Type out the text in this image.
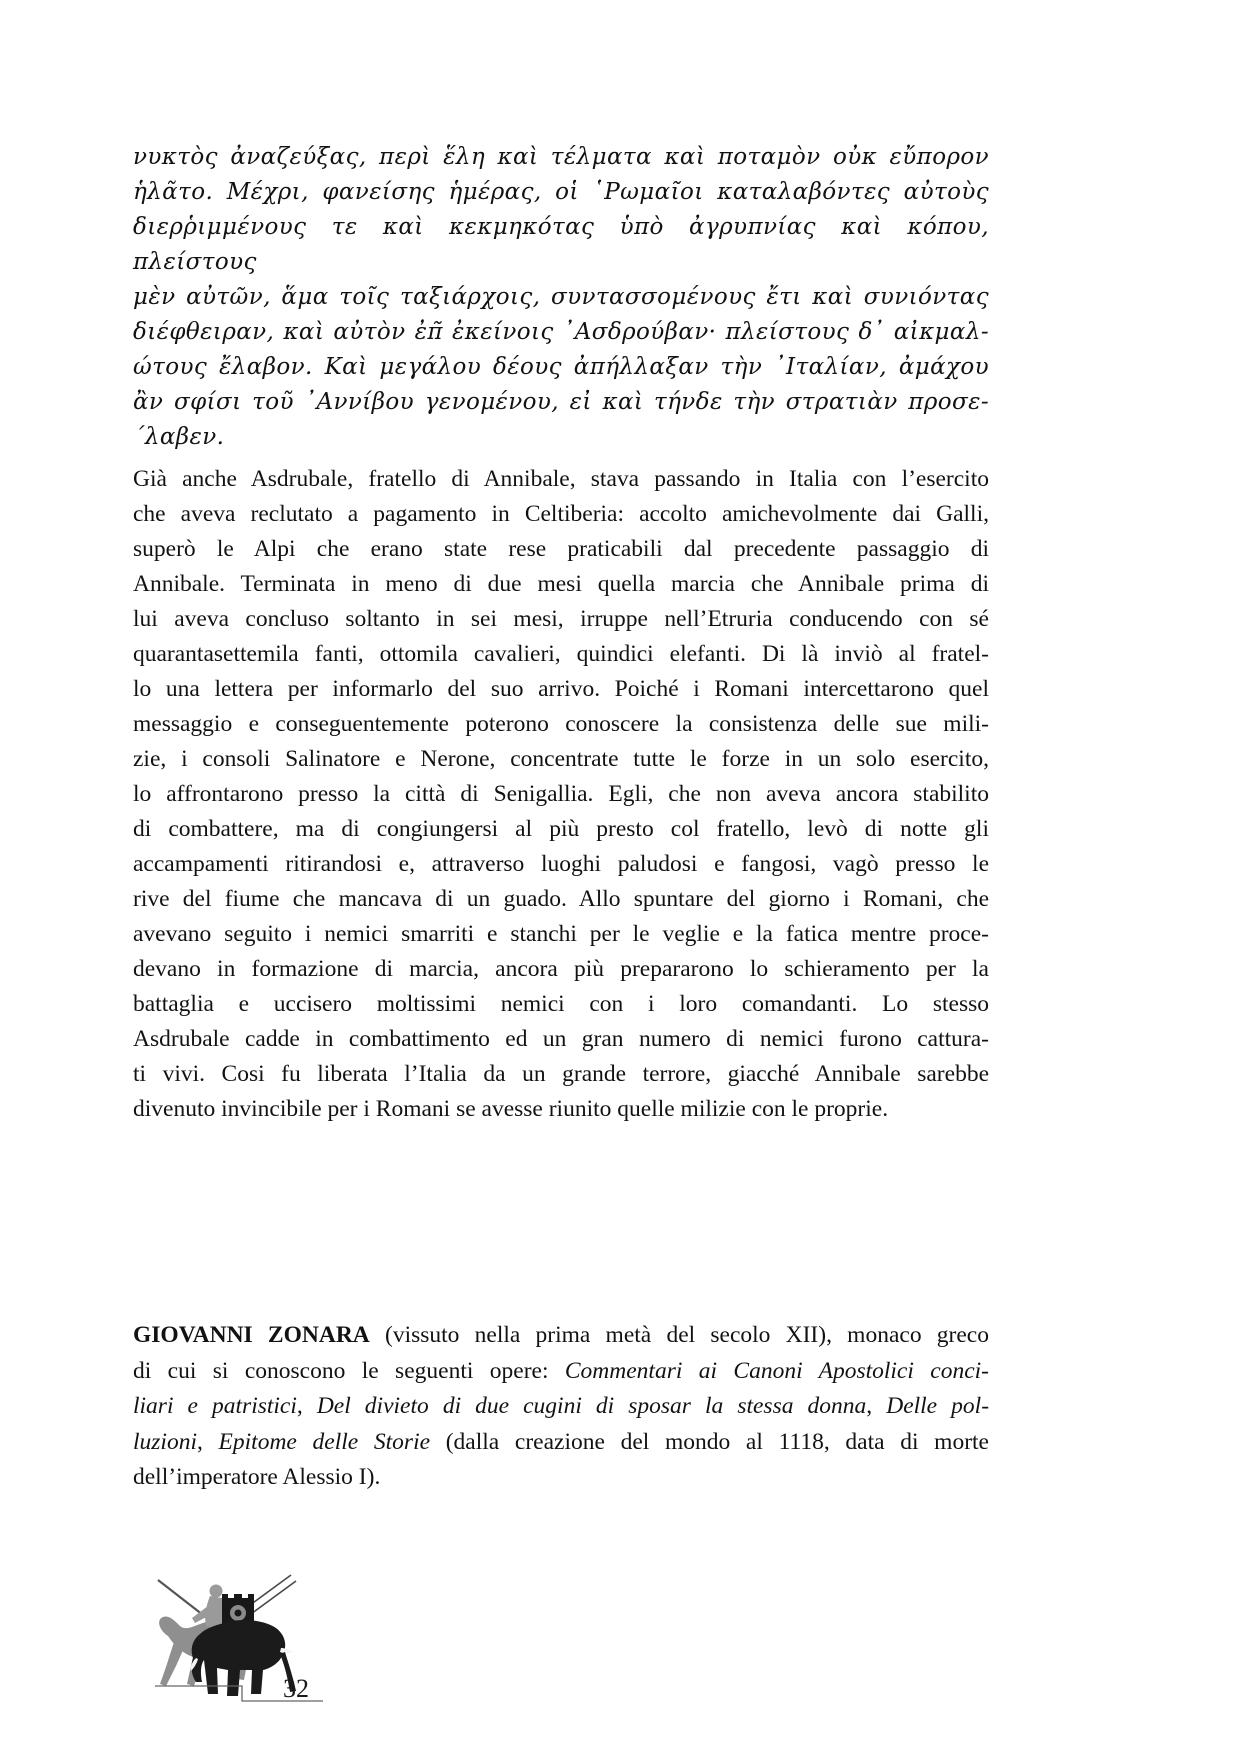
νυκτὸς ἀναζεύξας, περὶ ἕλη καὶ τέλματα καὶ ποταμὸν οὐκ εὔπορον
ἡλᾶτο. Μέχρι, φανείσης ἡμέρας, οἱ ῾Ρωμαῖοι καταλαβόντες αὐτοὺς
διερῥιμμένους τε καὶ κεκμηκότας ὑπὸ ἀγρυπνίας καὶ κόπου, πλείστους
μὲν αὐτῶν, ἅμα τοῖς ταξιάρχοις, συντασσομένους ἔτι καὶ συνιόντας
διέφθειραν, καὶ αὐτὸν ἐπ̃ ἐκείνοις ᾽Ασδρούβαν· πλείστους δ᾽ αἰκμαλ-
ώτους ἔλαβον. Καὶ μεγάλου δέους ἀπήλλαξαν τὴν ᾽Ιταλίαν, ἀμάχου
ἂν σφίσι τοῦ ᾽Αννίβου γενομένου, εἰ καὶ τήνδε τὴν στρατιὰν προσε-
´λαβεν.
Già anche Asdrubale, fratello di Annibale, stava passando in Italia con l’esercito
che aveva reclutato a pagamento in Celtiberia: accolto amichevolmente dai Galli,
superò le Alpi che erano state rese praticabili dal precedente passaggio di
Annibale. Terminata in meno di due mesi quella marcia che Annibale prima di
lui aveva concluso soltanto in sei mesi, irruppe nell’Etruria conducendo con sé
quarantasettemila fanti, ottomila cavalieri, quindici elefanti. Di là inviò al fratel-
lo una lettera per informarlo del suo arrivo. Poiché i Romani intercettarono quel
messaggio e conseguentemente poterono conoscere la consistenza delle sue mili-
zie, i consoli Salinatore e Nerone, concentrate tutte le forze in un solo esercito,
lo affrontarono presso la città di Senigallia. Egli, che non aveva ancora stabilito
di combattere, ma di congiungersi al più presto col fratello, levò di notte gli
accampamenti ritirandosi e, attraverso luoghi paludosi e fangosi, vagò presso le
rive del fiume che mancava di un guado. Allo spuntare del giorno i Romani, che
avevano seguito i nemici smarriti e stanchi per le veglie e la fatica mentre proce-
devano in formazione di marcia, ancora più prepararono lo schieramento per la
battaglia e uccisero moltissimi nemici con i loro comandanti. Lo stesso
Asdrubale cadde in combattimento ed un gran numero di nemici furono cattura-
ti vivi. Cosi fu liberata l’Italia da un grande terrore, giacché Annibale sarebbe
divenuto invincibile per i Romani se avesse riunito quelle milizie con le proprie.
GIOVANNI ZONARA (vissuto nella prima metà del secolo XII), monaco greco
di cui si conoscono le seguenti opere: Commentari ai Canoni Apostolici conci-
liari e patristici, Del divieto di due cugini di sposar la stessa donna, Delle pol-
luzioni, Epitome delle Storie (dalla creazione del mondo al 1118, data di morte
dell’imperatore Alessio I).
32
